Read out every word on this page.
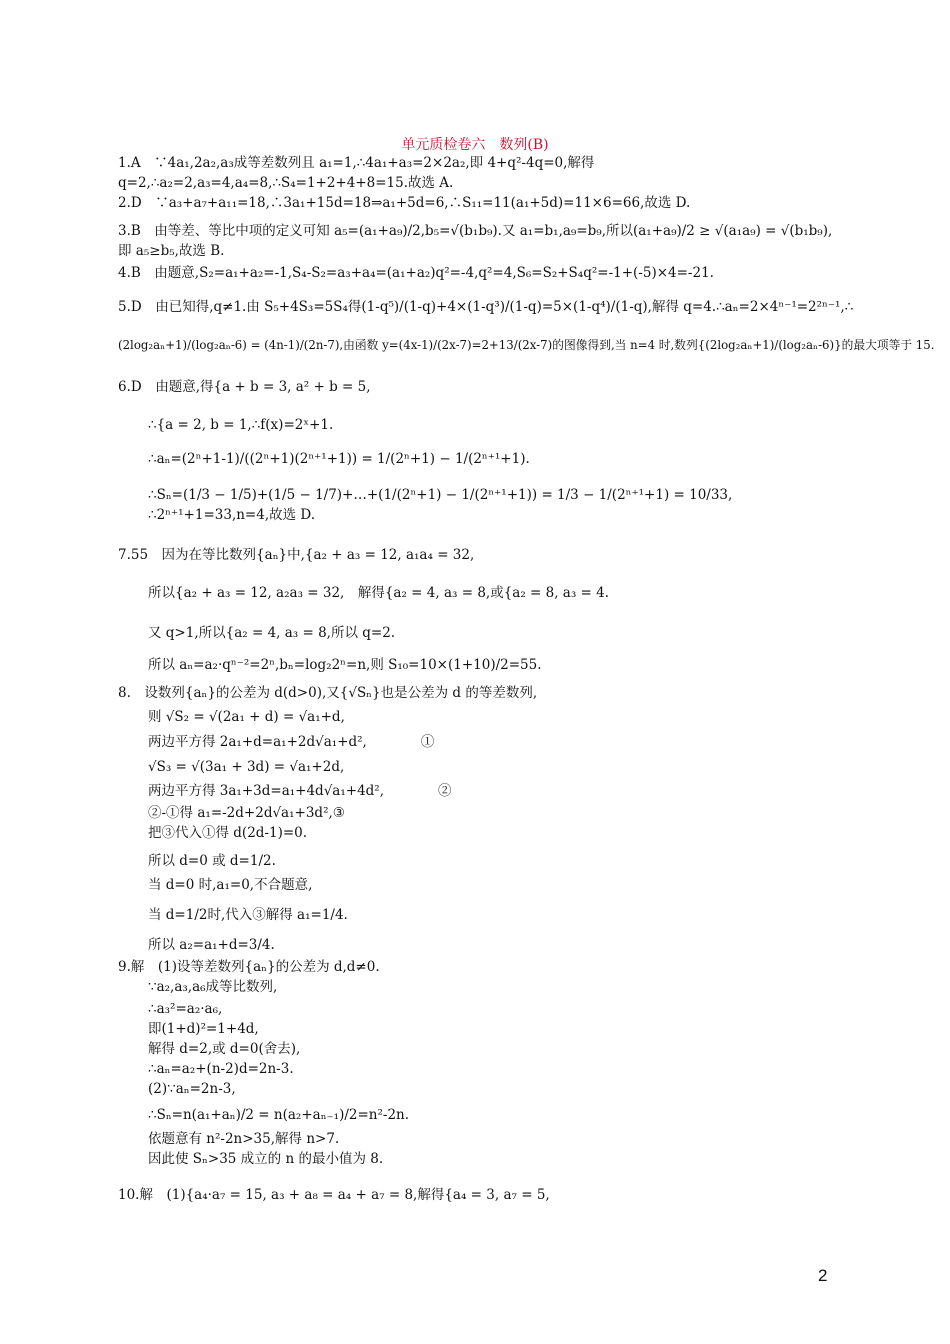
单元质检卷六　数列(B)
1.A　∵4a₁,2a₂,a₃成等差数列且 a₁=1,∴4a₁+a₃=2×2a₂,即 4+q²-4q=0,解得
q=2,∴a₂=2,a₃=4,a₄=8,∴S₄=1+2+4+8=15.故选 A.
2.D　∵a₃+a₇+a₁₁=18,∴3a₁+15d=18⇒a₁+5d=6,∴S₁₁=11(a₁+5d)=11×6=66,故选 D.
3.B　由等差、等比中项的定义可知 a₅=(a₁+a₉)/2,b₅=√(b₁b₉).又 a₁=b₁,a₉=b₉,所以(a₁+a₉)/2 ≥ √(a₁a₉) = √(b₁b₉),
即 a₅≥b₅,故选 B.
4.B　由题意,S₂=a₁+a₂=-1,S₄-S₂=a₃+a₄=(a₁+a₂)q²=-4,q²=4,S₆=S₂+S₄q²=-1+(-5)×4=-21.
5.D　由已知得,q≠1.由 S₅+4S₃=5S₄得(1-q⁵)/(1-q)+4×(1-q³)/(1-q)=5×(1-q⁴)/(1-q),解得 q=4.∴aₙ=2×4ⁿ⁻¹=2²ⁿ⁻¹,∴
(2log₂aₙ+1)/(log₂aₙ-6) = (4n-1)/(2n-7),由函数 y=(4x-1)/(2x-7)=2+13/(2x-7)的图像得到,当 n=4 时,数列{(2log₂aₙ+1)/(log₂aₙ-6)}的最大项等于 15.
6.D　由题意,得{a + b = 3, a² + b = 5,
∴{a = 2, b = 1,∴f(x)=2ˣ+1.
∴aₙ=(2ⁿ+1-1)/((2ⁿ+1)(2ⁿ⁺¹+1)) = 1/(2ⁿ+1) − 1/(2ⁿ⁺¹+1).
∴Sₙ=(1/3 − 1/5)+(1/5 − 1/7)+…+(1/(2ⁿ+1) − 1/(2ⁿ⁺¹+1)) = 1/3 − 1/(2ⁿ⁺¹+1) = 10/33,
∴2ⁿ⁺¹+1=33,n=4,故选 D.
7.55　因为在等比数列{aₙ}中,{a₂ + a₃ = 12, a₁a₄ = 32,
所以{a₂ + a₃ = 12, a₂a₃ = 32,　解得{a₂ = 4, a₃ = 8,或{a₂ = 8, a₃ = 4.
又 q>1,所以{a₂ = 4, a₃ = 8,所以 q=2.
所以 aₙ=a₂·qⁿ⁻²=2ⁿ,bₙ=log₂2ⁿ=n,则 S₁₀=10×(1+10)/2=55.
8.　设数列{aₙ}的公差为 d(d>0),又{√Sₙ}也是公差为 d 的等差数列,
则 √S₂ = √(2a₁ + d) = √a₁+d,
两边平方得 2a₁+d=a₁+2d√a₁+d²,　　　　①
√S₃ = √(3a₁ + 3d) = √a₁+2d,
两边平方得 3a₁+3d=a₁+4d√a₁+4d²,　　　　②
②-①得 a₁=-2d+2d√a₁+3d²,③
把③代入①得 d(2d-1)=0.
所以 d=0 或 d=1/2.
当 d=0 时,a₁=0,不合题意,
当 d=1/2时,代入③解得 a₁=1/4.
所以 a₂=a₁+d=3/4.
9.解　(1)设等差数列{aₙ}的公差为 d,d≠0.
∵a₂,a₃,a₆成等比数列,
∴a₃²=a₂·a₆,
即(1+d)²=1+4d,
解得 d=2,或 d=0(舍去),
∴aₙ=a₂+(n-2)d=2n-3.
(2)∵aₙ=2n-3,
∴Sₙ=n(a₁+aₙ)/2 = n(a₂+aₙ₋₁)/2=n²-2n.
依题意有 n²-2n>35,解得 n>7.
因此使 Sₙ>35 成立的 n 的最小值为 8.
10.解　(1){a₄·a₇ = 15, a₃ + a₈ = a₄ + a₇ = 8,解得{a₄ = 3, a₇ = 5,
2
